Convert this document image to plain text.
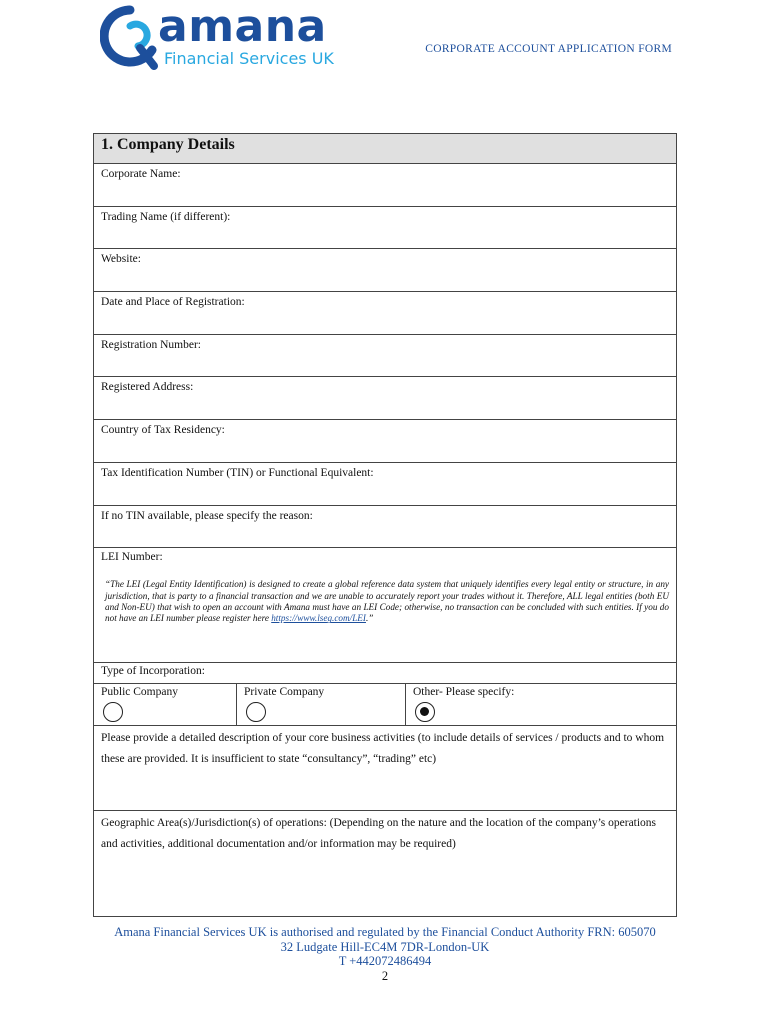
amana
Financial Services UK	CORPORATE ACCOUNT APPLICATION FORM
1. Company Details
Corporate Name:
Trading Name (if different):
Website:
Date and Place of Registration:
Registration Number:
Registered Address:
Country of Tax Residency:
Tax Identification Number (TIN) or Functional Equivalent:
If no TIN available, please specify the reason:
LEI Number:
“The LEI (Legal Entity Identification) is designed to create a global reference data system that uniquely identifies every legal entity or structure, in any jurisdiction, that is party to a financial transaction and we are unable to accurately report your trades without it. Therefore, ALL legal entities (both EU and Non-EU) that wish to open an account with Amana must have an LEI Code; otherwise, no transaction can be concluded with such entities. If you do not have an LEI number please register here https://www.lseg.com/LEI.”
Type of Incorporation:
Public Company	Private Company	Other- Please specify:
Please provide a detailed description of your core business activities (to include details of services / products and to whom these are provided. It is insufficient to state “consultancy”, “trading” etc)
Geographic Area(s)/Jurisdiction(s) of operations: (Depending on the nature and the location of the company’s operations and activities, additional documentation and/or information may be required)
Amana Financial Services UK is authorised and regulated by the Financial Conduct Authority FRN: 605070
32 Ludgate Hill-EC4M 7DR-London-UK
T +442072486494
2
